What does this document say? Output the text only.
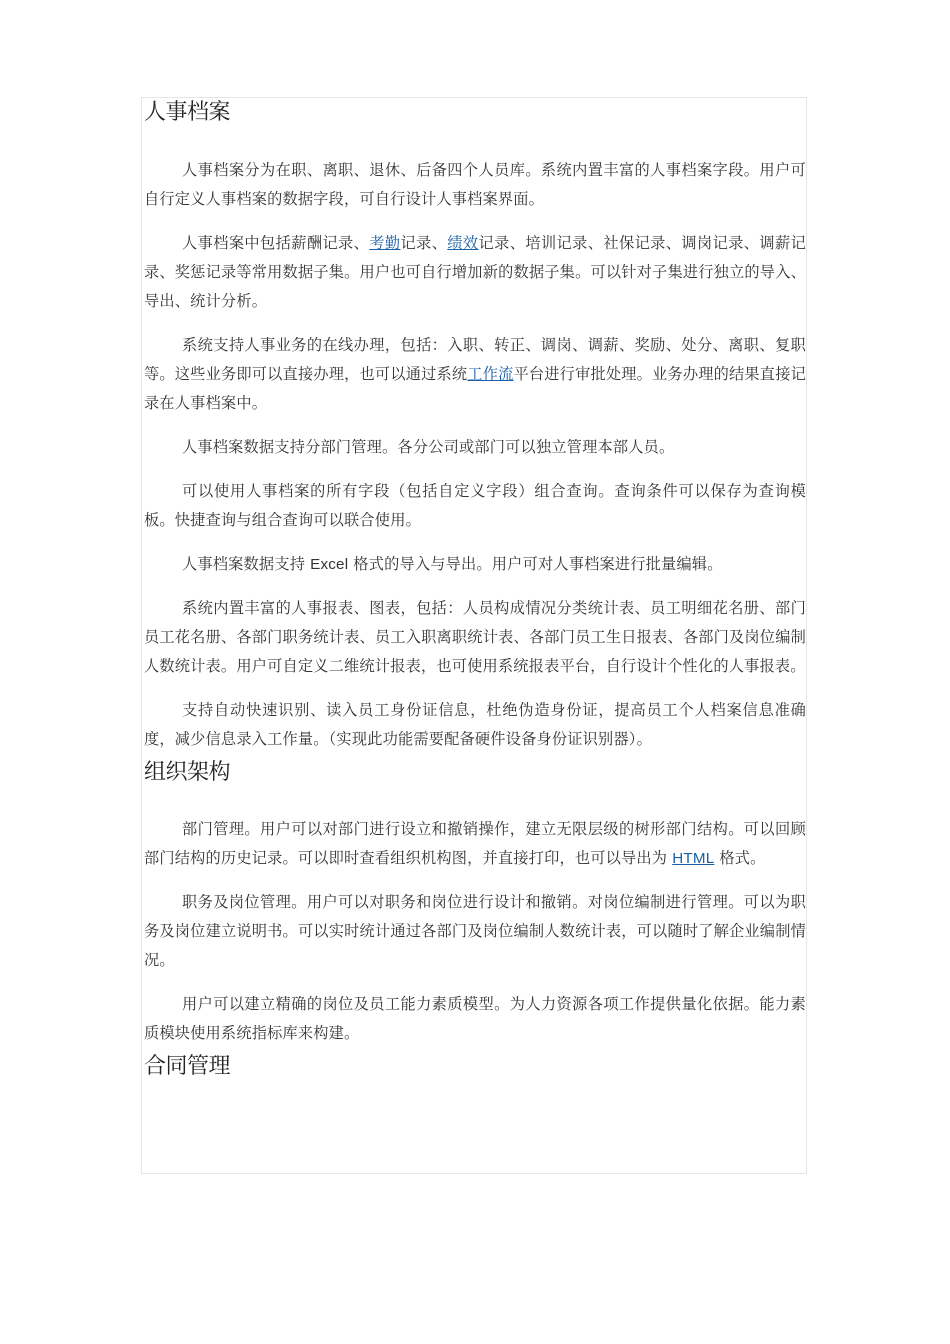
人事档案

人事档案分为在职、离职、退休、后备四个人员库。系统内置丰富的人事档案字段。用户可自行定义人事档案的数据字段，可自行设计人事档案界面。

人事档案中包括薪酬记录、考勤记录、绩效记录、培训记录、社保记录、调岗记录、调薪记录、奖惩记录等常用数据子集。用户也可自行增加新的数据子集。可以针对子集进行独立的导入、导出、统计分析。

系统支持人事业务的在线办理，包括：入职、转正、调岗、调薪、奖励、处分、离职、复职等。这些业务即可以直接办理，也可以通过系统工作流平台进行审批处理。业务办理的结果直接记录在人事档案中。

人事档案数据支持分部门管理。各分公司或部门可以独立管理本部人员。

可以使用人事档案的所有字段（包括自定义字段）组合查询。查询条件可以保存为查询模板。快捷查询与组合查询可以联合使用。

人事档案数据支持 Excel 格式的导入与导出。用户可对人事档案进行批量编辑。

系统内置丰富的人事报表、图表，包括：人员构成情况分类统计表、员工明细花名册、部门员工花名册、各部门职务统计表、员工入职离职统计表、各部门员工生日报表、各部门及岗位编制人数统计表。用户可自定义二维统计报表，也可使用系统报表平台，自行设计个性化的人事报表。

支持自动快速识别、读入员工身份证信息，杜绝伪造身份证，提高员工个人档案信息准确度，减少信息录入工作量。（实现此功能需要配备硬件设备身份证识别器）。

组织架构

部门管理。用户可以对部门进行设立和撤销操作，建立无限层级的树形部门结构。可以回顾部门结构的历史记录。可以即时查看组织机构图，并直接打印，也可以导出为 HTML 格式。

职务及岗位管理。用户可以对职务和岗位进行设计和撤销。对岗位编制进行管理。可以为职务及岗位建立说明书。可以实时统计通过各部门及岗位编制人数统计表，可以随时了解企业编制情况。

用户可以建立精确的岗位及员工能力素质模型。为人力资源各项工作提供量化依据。能力素质模块使用系统指标库来构建。

合同管理
